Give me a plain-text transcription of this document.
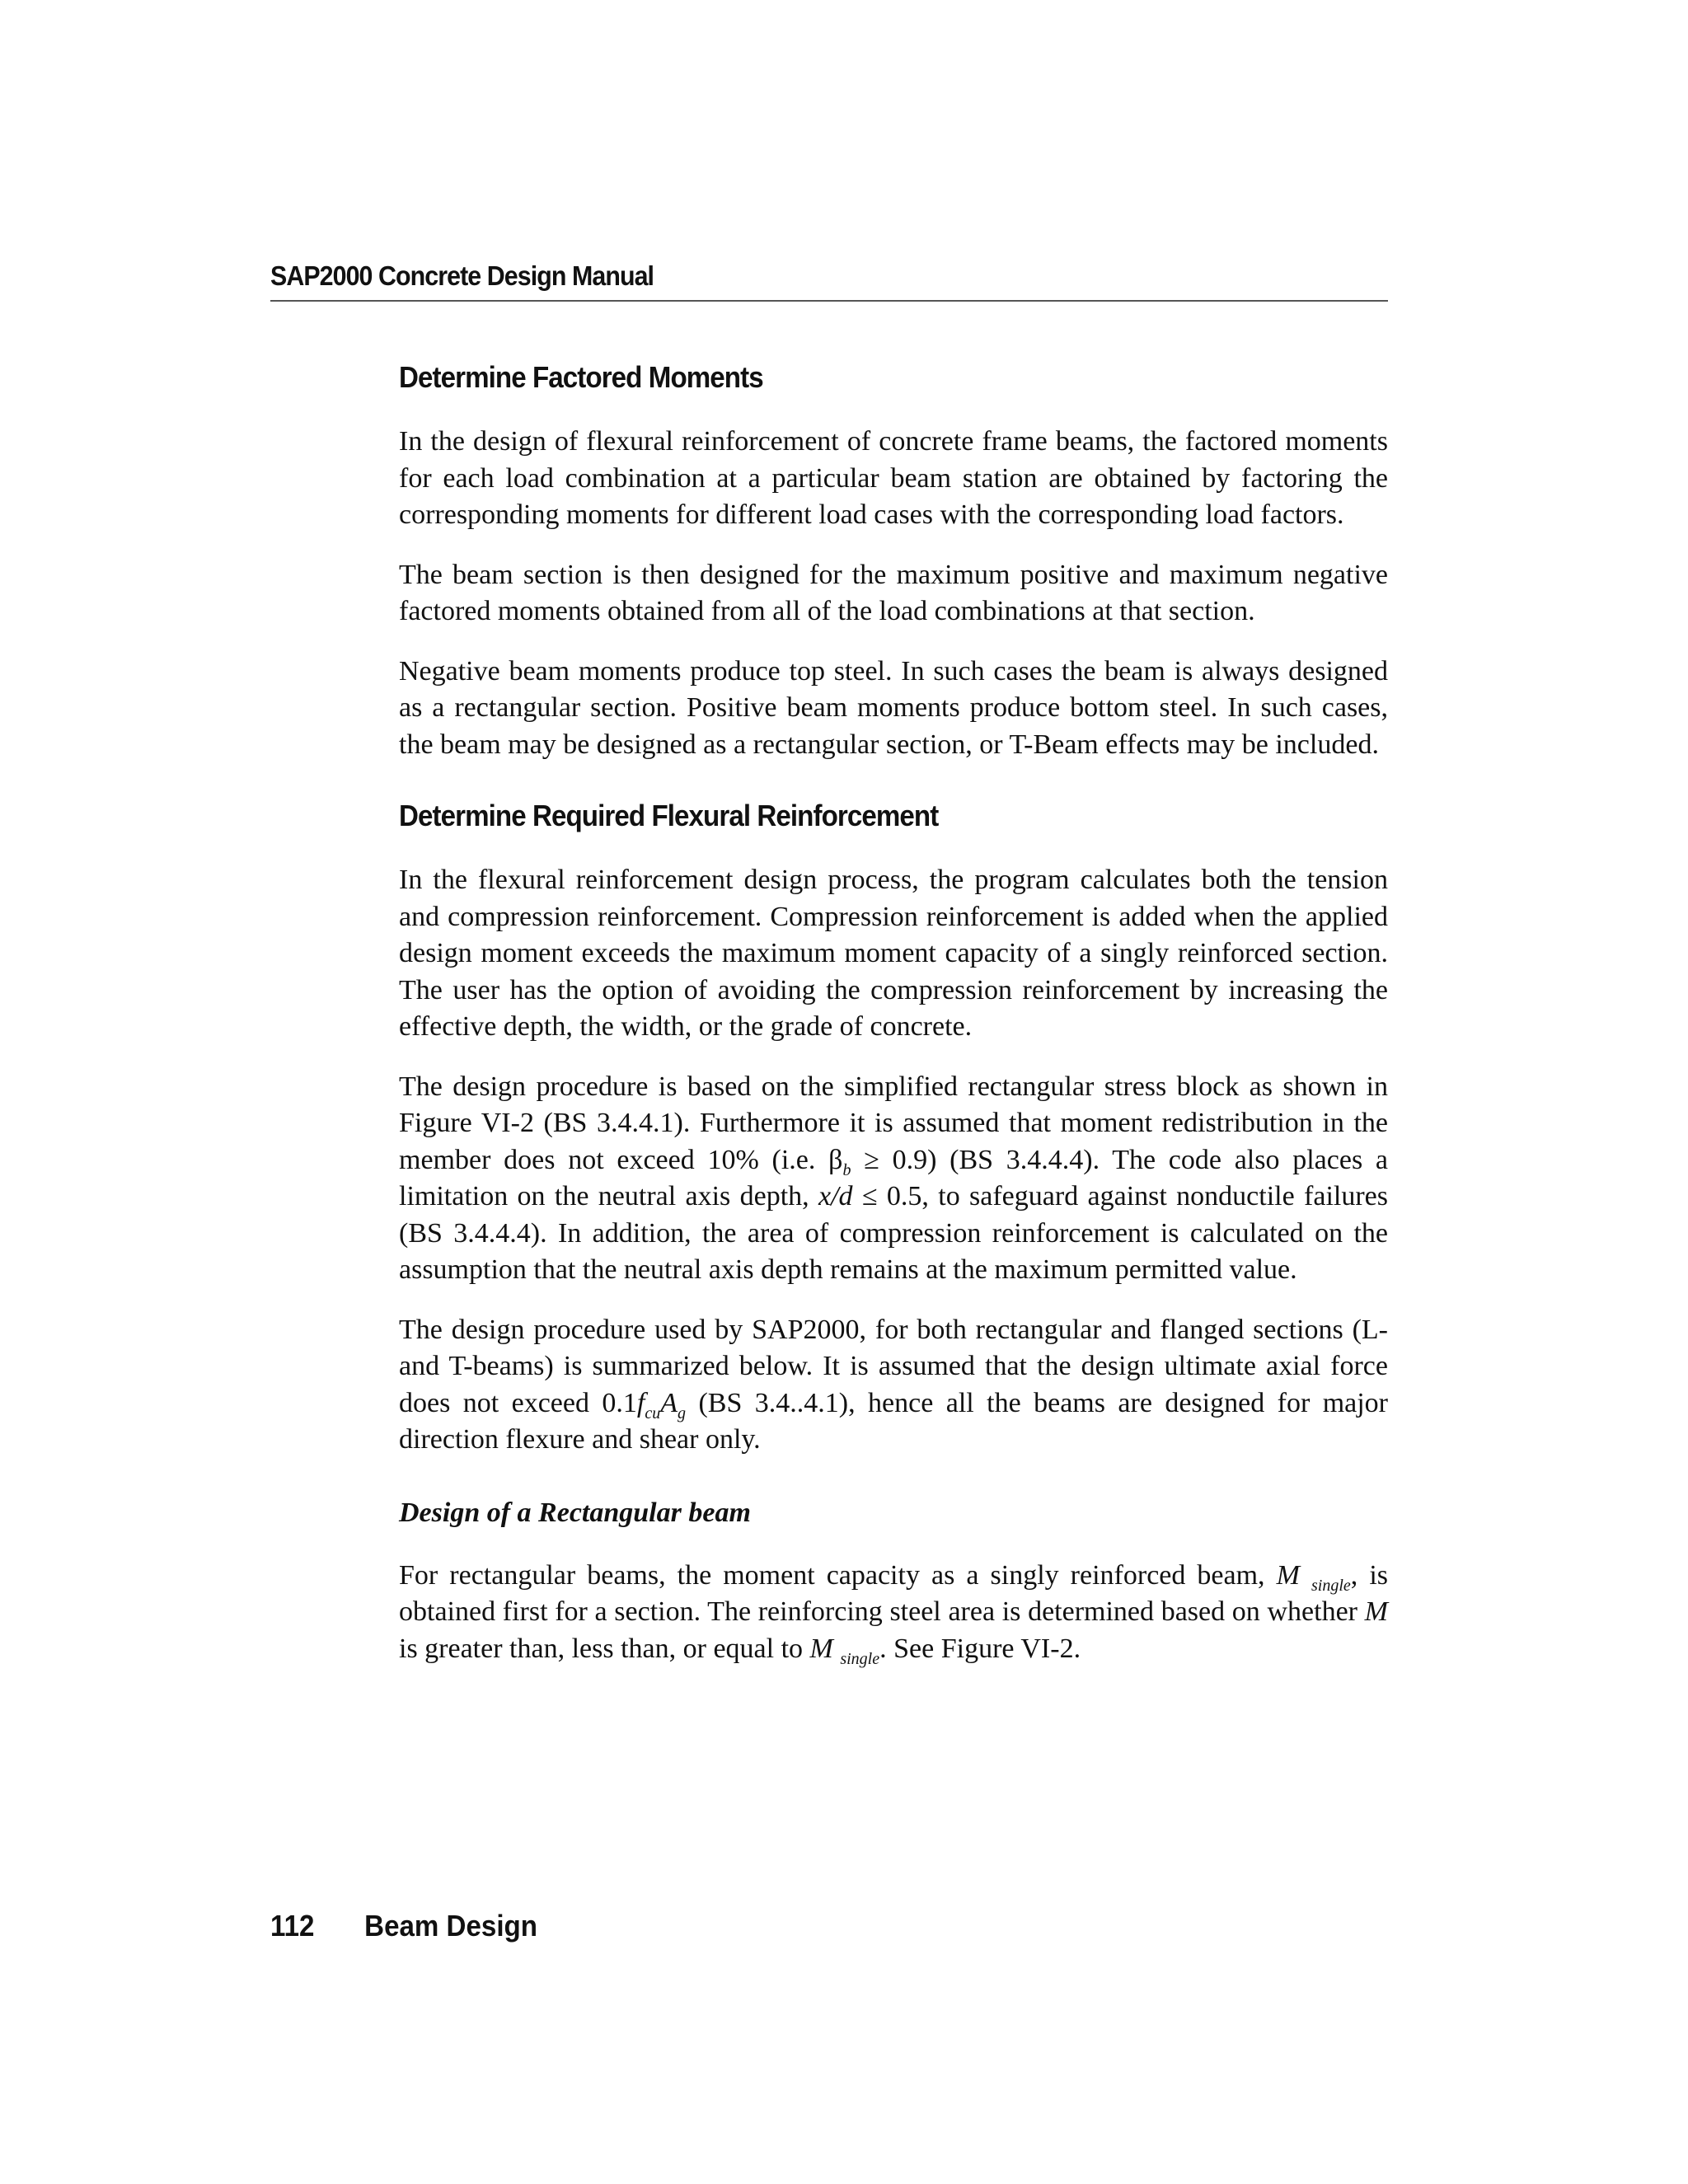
SAP2000 Concrete Design Manual
Determine Factored Moments

In the design of flexural reinforcement of concrete frame beams, the factored moments for each load combination at a particular beam station are obtained by factoring the corresponding moments for different load cases with the corresponding load factors.

The beam section is then designed for the maximum positive and maximum negative factored moments obtained from all of the load combinations at that section.

Negative beam moments produce top steel. In such cases the beam is always designed as a rectangular section. Positive beam moments produce bottom steel. In such cases, the beam may be designed as a rectangular section, or T-Beam effects may be included.

Determine Required Flexural Reinforcement

In the flexural reinforcement design process, the program calculates both the tension and compression reinforcement. Compression reinforcement is added when the applied design moment exceeds the maximum moment capacity of a singly reinforced section. The user has the option of avoiding the compression reinforcement by increasing the effective depth, the width, or the grade of concrete.

The design procedure is based on the simplified rectangular stress block as shown in Figure VI-2 (BS 3.4.4.1). Furthermore it is assumed that moment redistribution in the member does not exceed 10% (i.e. $\beta_b \ge 0.9$) (BS 3.4.4.4). The code also places a limitation on the neutral axis depth, x/d ≤ 0.5, to safeguard against nonductile failures (BS 3.4.4.4). In addition, the area of compression reinforcement is calculated on the assumption that the neutral axis depth remains at the maximum permitted value.

The design procedure used by SAP2000, for both rectangular and flanged sections (L- and T-beams) is summarized below. It is assumed that the design ultimate axial force does not exceed $0.1f_{cu}A_g$ (BS 3.4..4.1), hence all the beams are designed for major direction flexure and shear only.

Design of a Rectangular beam

For rectangular beams, the moment capacity as a singly reinforced beam, M $_{single}$, is obtained first for a section. The reinforcing steel area is determined based on whether M is greater than, less than, or equal to M $_{single}$. See Figure VI-2.

112 Beam Design
